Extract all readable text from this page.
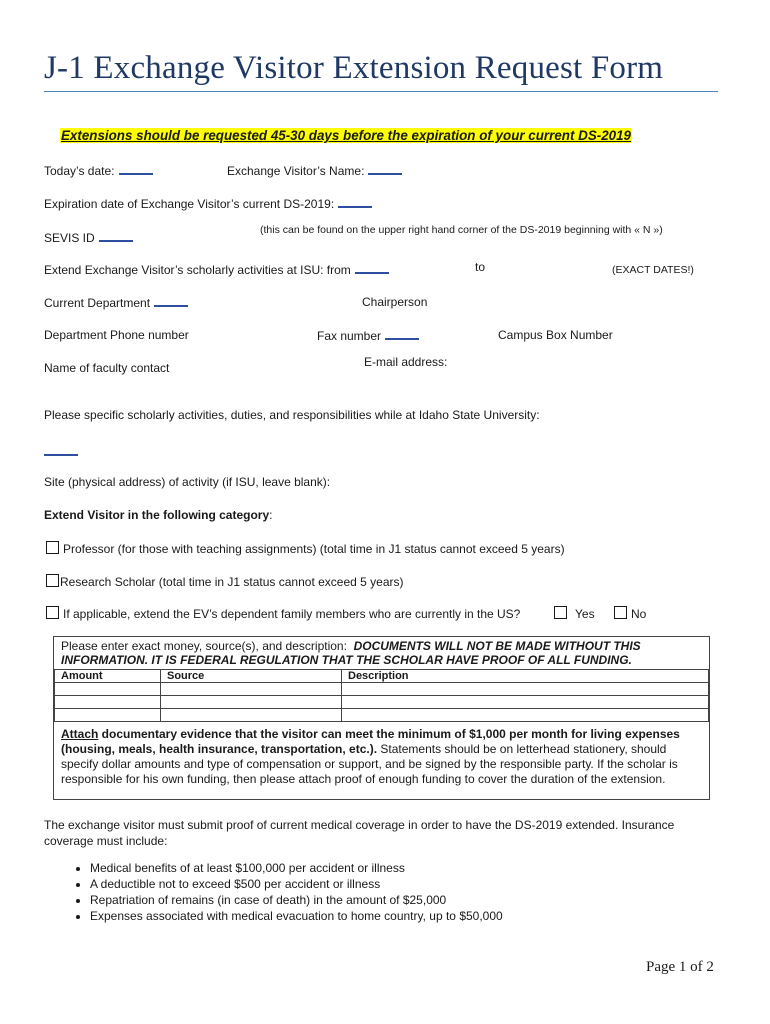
J-1 Exchange Visitor Extension Request Form
Extensions should be requested 45-30 days before the expiration of your current DS-2019
Today’s date:	Exchange Visitor’s Name:
Expiration date of Exchange Visitor’s current DS-2019:
(this can be found on the upper right hand corner of the DS-2019 beginning with « N »)
SEVIS ID
Extend Exchange Visitor’s scholarly activities at ISU: from	to	(EXACT DATES!)
Current Department	Chairperson
Department Phone number	Fax number	Campus Box Number
E-mail address:
Name of faculty contact
Please specific scholarly activities, duties, and responsibilities while at Idaho State University:
Site (physical address) of activity (if ISU, leave blank):
Extend Visitor in the following category:
Professor (for those with teaching assignments) (total time in J1 status cannot exceed 5 years)
Research Scholar (total time in J1 status cannot exceed 5 years)
If applicable, extend the EV’s dependent family members who are currently in the US?	Yes	No
Please enter exact money, source(s), and description: DOCUMENTS WILL NOT BE MADE WITHOUT THIS INFORMATION. IT IS FEDERAL REGULATION THAT THE SCHOLAR HAVE PROOF OF ALL FUNDING.
Amount	Source	Description

Attach documentary evidence that the visitor can meet the minimum of $1,000 per month for living expenses (housing, meals, health insurance, transportation, etc.). Statements should be on letterhead stationery, should specify dollar amounts and type of compensation or support, and be signed by the responsible party. If the scholar is responsible for his own funding, then please attach proof of enough funding to cover the duration of the extension.
The exchange visitor must submit proof of current medical coverage in order to have the DS-2019 extended. Insurance coverage must include:
• Medical benefits of at least $100,000 per accident or illness
• A deductible not to exceed $500 per accident or illness
• Repatriation of remains (in case of death) in the amount of $25,000
• Expenses associated with medical evacuation to home country, up to $50,000
Page 1 of 2
